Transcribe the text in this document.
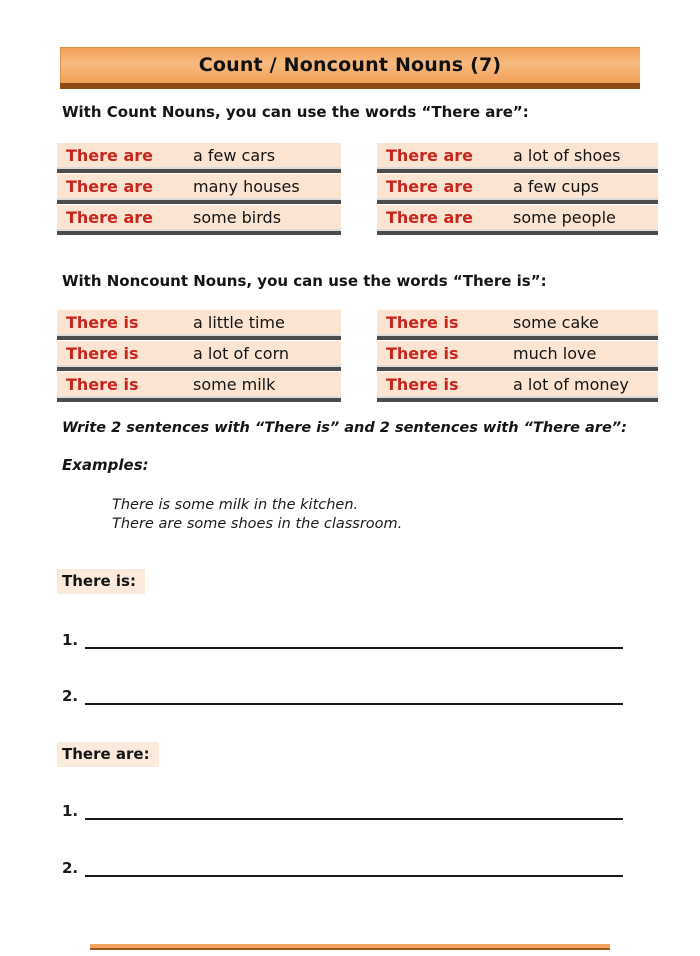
Count / Noncount Nouns (7)
With Count Nouns, you can use the words “There are”:
There are	a few cars
There are	many houses
There are	some birds
There are	a lot of shoes
There are	a few cups
There are	some people
With Noncount Nouns, you can use the words “There is”:
There is	a little time
There is	a lot of corn
There is	some milk
There is	some cake
There is	much love
There is	a lot of money
Write 2 sentences with “There is” and 2 sentences with “There are”:
Examples:
There is some milk in the kitchen.
There are some shoes in the classroom.
There is:
1.
2.
There are:
1.
2.
